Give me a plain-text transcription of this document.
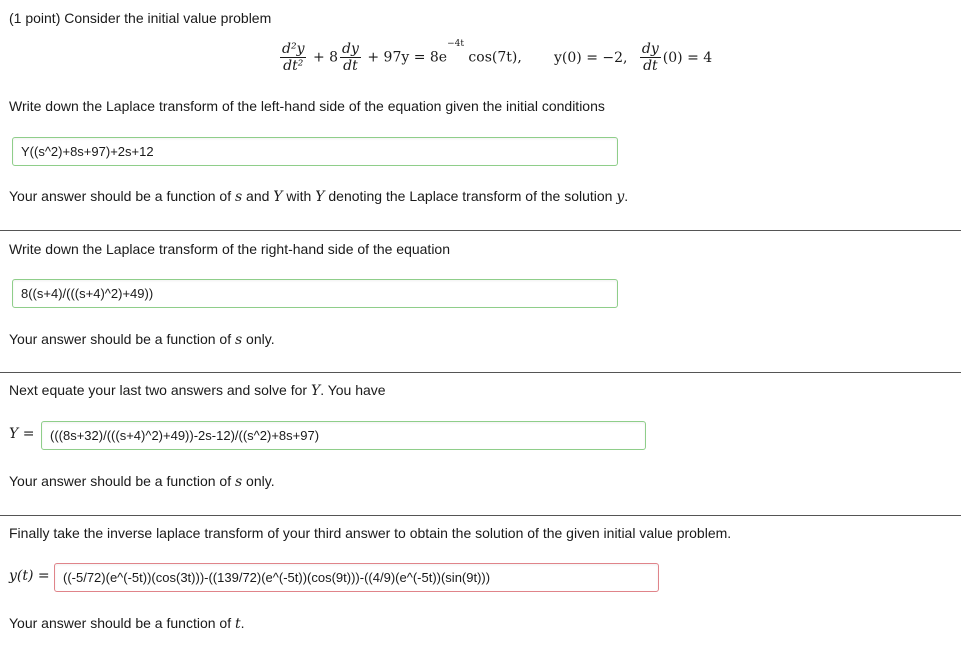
(1 point) Consider the initial value problem
$\frac{\text{d²y}}{\text{dt²}} + 8 \frac{dy}{dt} + 97y = 8e^{-4t}$ cos(7t), y(0) = −2, $\frac{dy}{dt} (0) = 4$
Write down the Laplace transform of the left-hand side of the equation given the initial conditions
Y((s^2)+8s+97)+2s+12
Your answer should be a function of s and Y with Y denoting the Laplace transform of the solution y.
Write down the Laplace transform of the right-hand side of the equation
8((s+4)/(((s+4)^2)+49))
Your answer should be a function of s only.
Next equate your last two answers and solve for Y. You have
Y =	(((8s+32)/(((s+4)^2)+49))-2s-12)/((s^2)+8s+97)
Your answer should be a function of s only.
Finally take the inverse laplace transform of your third answer to obtain the solution of the given initial value problem.
y(t) =	((-5/72)(e^(-5t))(cos(3t)))-((139/72)(e^(-5t))(cos(9t)))-((4/9)(e^(-5t))(sin(9t)))
Your answer should be a function of t.
